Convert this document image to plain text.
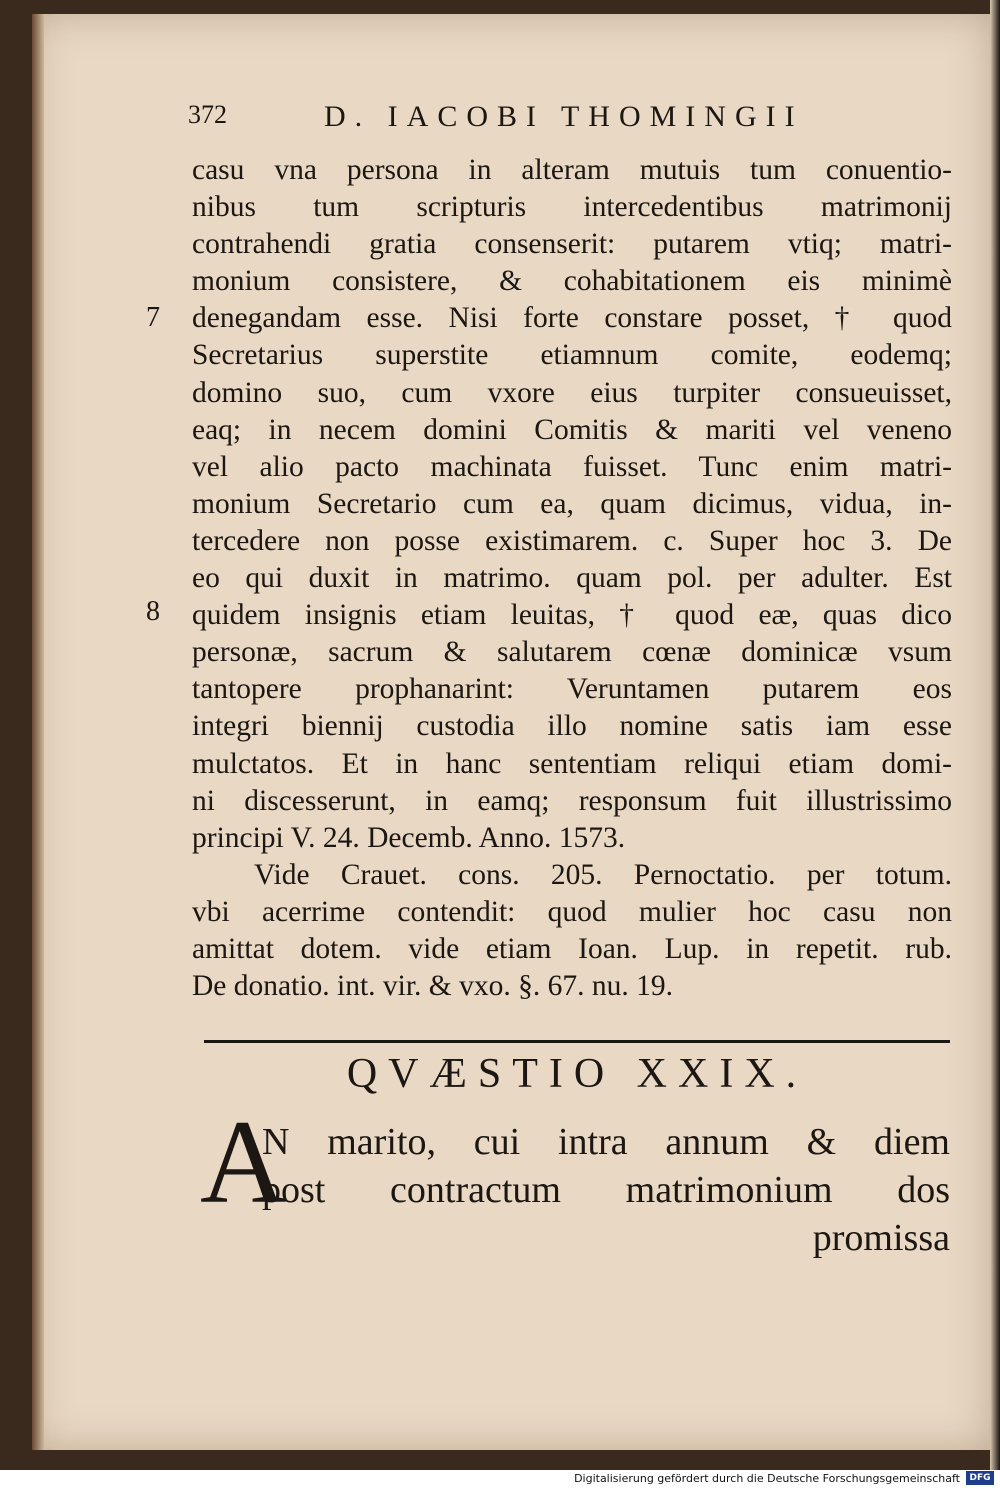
372	D. IACOBI THOMINGII
7
8
casu vna persona in alteram mutuis tum conuentio-
nibus tum scripturis intercedentibus matrimonij
contrahendi gratia consenserit: putarem vtiq; matri-
monium consistere, & cohabitationem eis minimè
denegandam esse. Nisi forte constare posset, † quod
Secretarius superstite etiamnum comite, eodemq;
domino suo, cum vxore eius turpiter consueuisset,
eaq; in necem domini Comitis & mariti vel veneno
vel alio pacto machinata fuisset. Tunc enim matri-
monium Secretario cum ea, quam dicimus, vidua, in-
tercedere non posse existimarem. c. Super hoc 3. De
eo qui duxit in matrimo. quam pol. per adulter. Est
quidem insignis etiam leuitas, † quod eæ, quas dico
personæ, sacrum & salutarem cœnæ dominicæ vsum
tantopere prophanarint: Veruntamen putarem eos
integri biennij custodia illo nomine satis iam esse
mulctatos. Et in hanc sententiam reliqui etiam domi-
ni discesserunt, in eamq; responsum fuit illustrissimo
principi V. 24. Decemb. Anno. 1573.
Vide Crauet. cons. 205. Pernoctatio. per totum.
vbi acerrime contendit: quod mulier hoc casu non
amittat dotem. vide etiam Ioan. Lup. in repetit. rub.
De donatio. int. vir. & vxo. §. 67. nu. 19.
QVÆSTIO XXIX.
A
N marito, cui intra annum & diem
post contractum matrimonium dos
promissa
Digitalisierung gefördert durch die Deutsche Forschungsgemeinschaft	DFG
